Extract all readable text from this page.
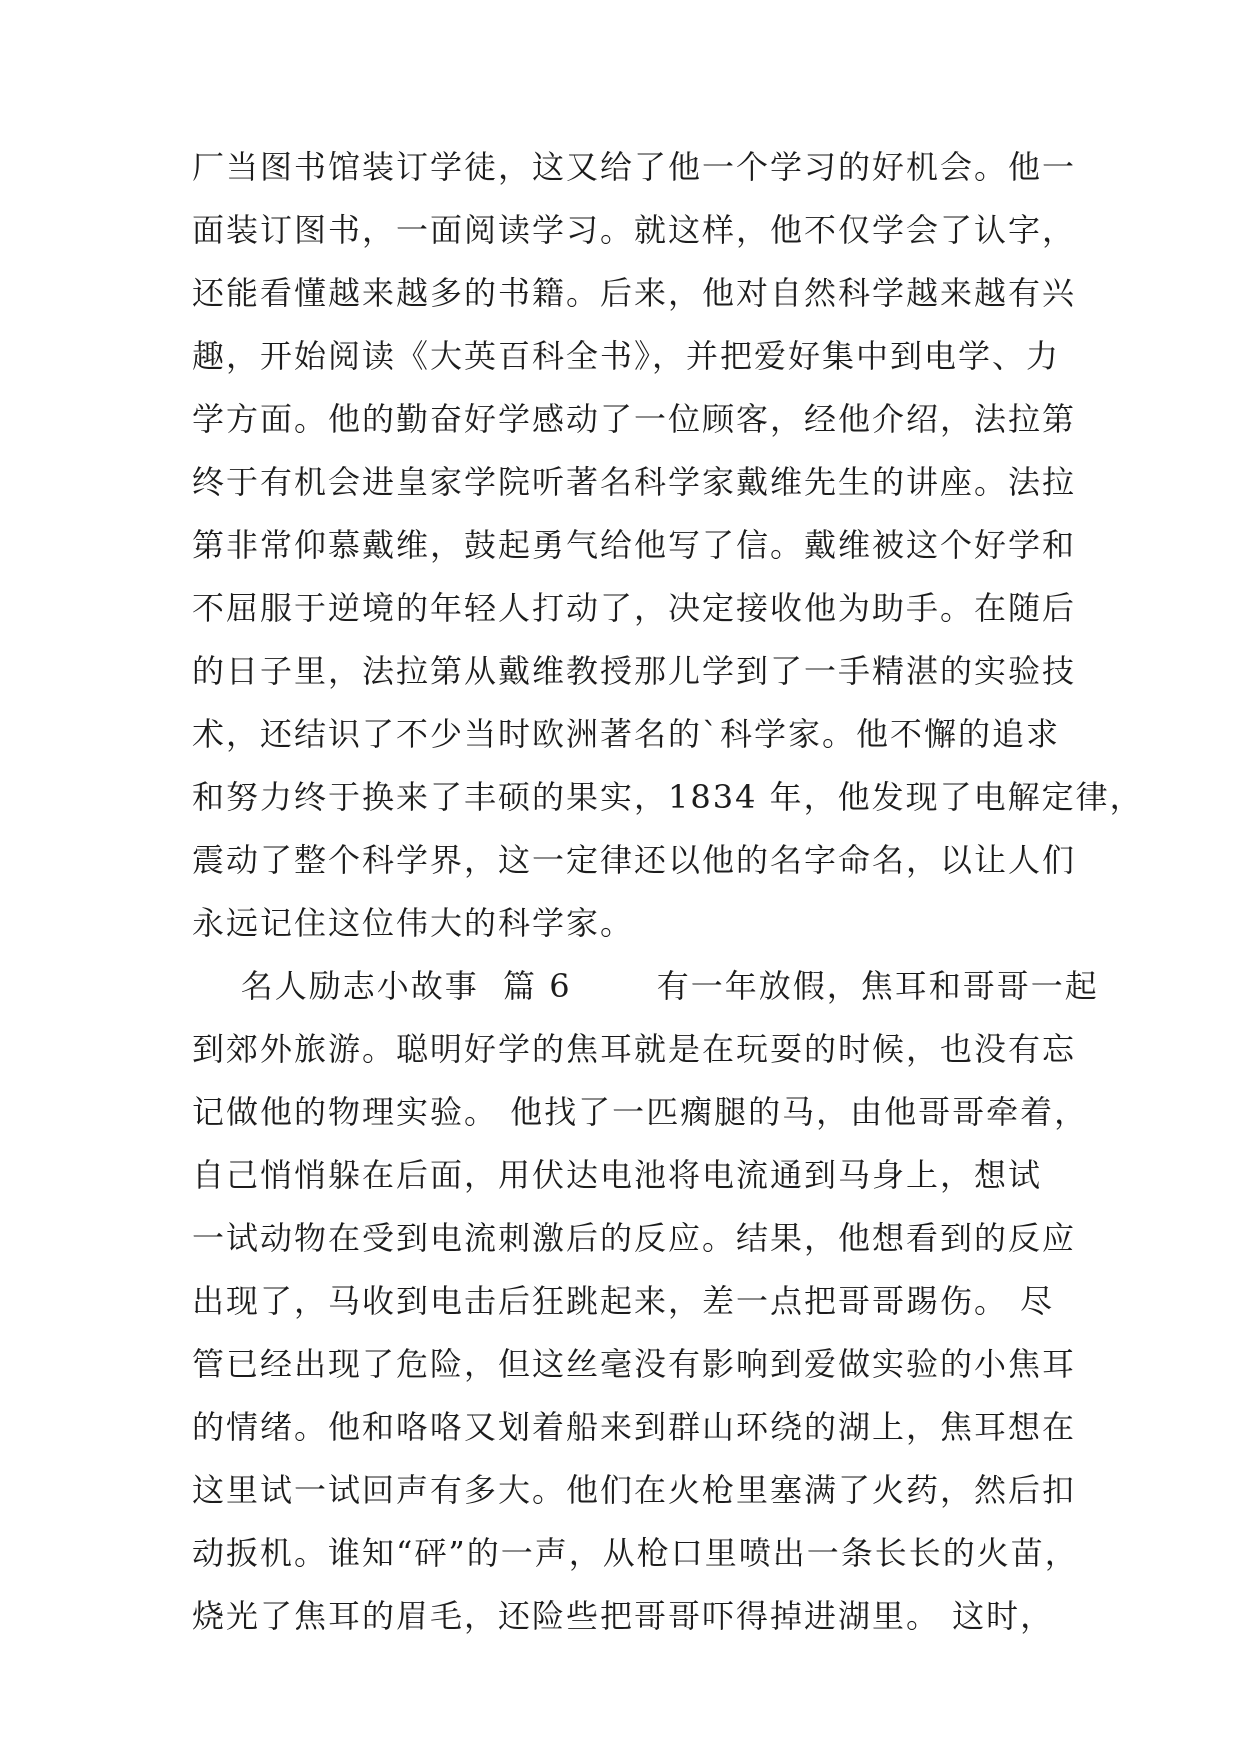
厂当图书馆装订学徒，这又给了他一个学习的好机会。他一
面装订图书，一面阅读学习。就这样，他不仅学会了认字，
还能看懂越来越多的书籍。后来，他对自然科学越来越有兴
趣，开始阅读《大英百科全书》，并把爱好集中到电学、力
学方面。他的勤奋好学感动了一位顾客，经他介绍，法拉第
终于有机会进皇家学院听著名科学家戴维先生的讲座。法拉
第非常仰慕戴维，鼓起勇气给他写了信。戴维被这个好学和
不屈服于逆境的年轻人打动了，决定接收他为助手。在随后
的日子里，法拉第从戴维教授那儿学到了一手精湛的实验技
术，还结识了不少当时欧洲著名的`科学家。他不懈的追求
和努力终于换来了丰硕的果实，1834 年，他发现了电解定律，
震动了整个科学界，这一定律还以他的名字命名，以让人们
永远记住这位伟大的科学家。
名人励志小故事  篇 6       有一年放假，焦耳和哥哥一起
到郊外旅游。聪明好学的焦耳就是在玩耍的时候，也没有忘
记做他的物理实验。 他找了一匹瘸腿的马，由他哥哥牵着，
自己悄悄躲在后面，用伏达电池将电流通到马身上，想试
一试动物在受到电流刺激后的反应。结果，他想看到的反应
出现了，马收到电击后狂跳起来，差一点把哥哥踢伤。 尽
管已经出现了危险，但这丝毫没有影响到爱做实验的小焦耳
的情绪。他和咯咯又划着船来到群山环绕的湖上，焦耳想在
这里试一试回声有多大。他们在火枪里塞满了火药，然后扣
动扳机。谁知“砰”的一声，从枪口里喷出一条长长的火苗，
烧光了焦耳的眉毛，还险些把哥哥吓得掉进湖里。 这时，
